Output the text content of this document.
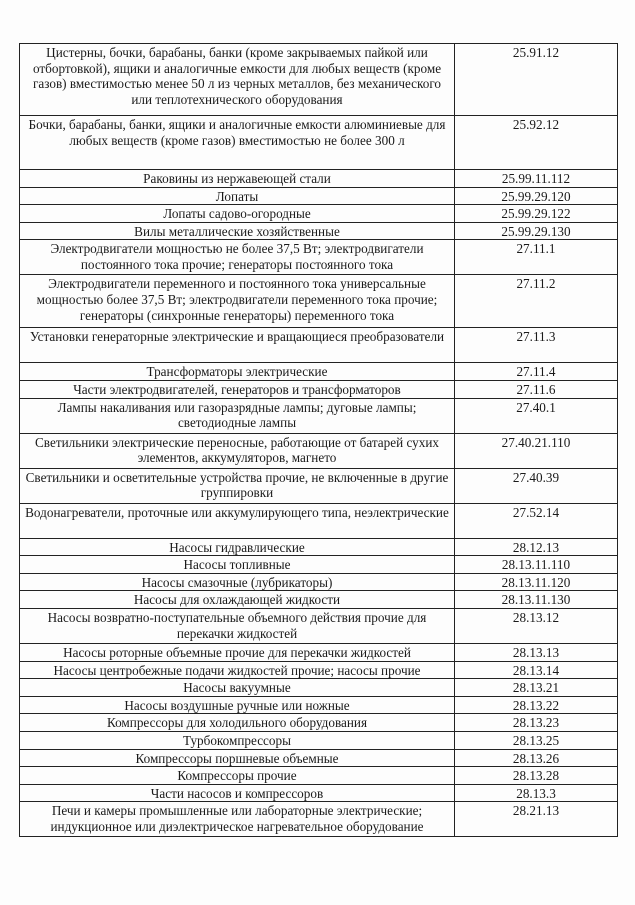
Цистерны, бочки, барабаны, банки (кроме закрываемых пайкой или отбортовкой), ящики и аналогичные емкости для любых веществ (кроме газов) вместимостью менее 50 л из черных металлов, без механического или теплотехнического оборудования	25.91.12
Бочки, барабаны, банки, ящики и аналогичные емкости алюминиевые для любых веществ (кроме газов) вместимостью не более 300 л	25.92.12
Раковины из нержавеющей стали	25.99.11.112
Лопаты	25.99.29.120
Лопаты садово-огородные	25.99.29.122
Вилы металлические хозяйственные	25.99.29.130
Электродвигатели мощностью не более 37,5 Вт; электродвигатели постоянного тока прочие; генераторы постоянного тока	27.11.1
Электродвигатели переменного и постоянного тока универсальные мощностью более 37,5 Вт; электродвигатели переменного тока прочие; генераторы (синхронные генераторы) переменного тока	27.11.2
Установки генераторные электрические и вращающиеся преобразователи	27.11.3
Трансформаторы электрические	27.11.4
Части электродвигателей, генераторов и трансформаторов	27.11.6
Лампы накаливания или газоразрядные лампы; дуговые лампы; светодиодные лампы	27.40.1
Светильники электрические переносные, работающие от батарей сухих элементов, аккумуляторов, магнето	27.40.21.110
Светильники и осветительные устройства прочие, не включенные в другие группировки	27.40.39
Водонагреватели, проточные или аккумулирующего типа, неэлектрические	27.52.14
Насосы гидравлические	28.12.13
Насосы топливные	28.13.11.110
Насосы смазочные (лубрикаторы)	28.13.11.120
Насосы для охлаждающей жидкости	28.13.11.130
Насосы возвратно-поступательные объемного действия прочие для перекачки жидкостей	28.13.12
Насосы роторные объемные прочие для перекачки жидкостей	28.13.13
Насосы центробежные подачи жидкостей прочие; насосы прочие	28.13.14
Насосы вакуумные	28.13.21
Насосы воздушные ручные или ножные	28.13.22
Компрессоры для холодильного оборудования	28.13.23
Турбокомпрессоры	28.13.25
Компрессоры поршневые объемные	28.13.26
Компрессоры прочие	28.13.28
Части насосов и компрессоров	28.13.3
Печи и камеры промышленные или лабораторные электрические; индукционное или диэлектрическое нагревательное оборудование	28.21.13
